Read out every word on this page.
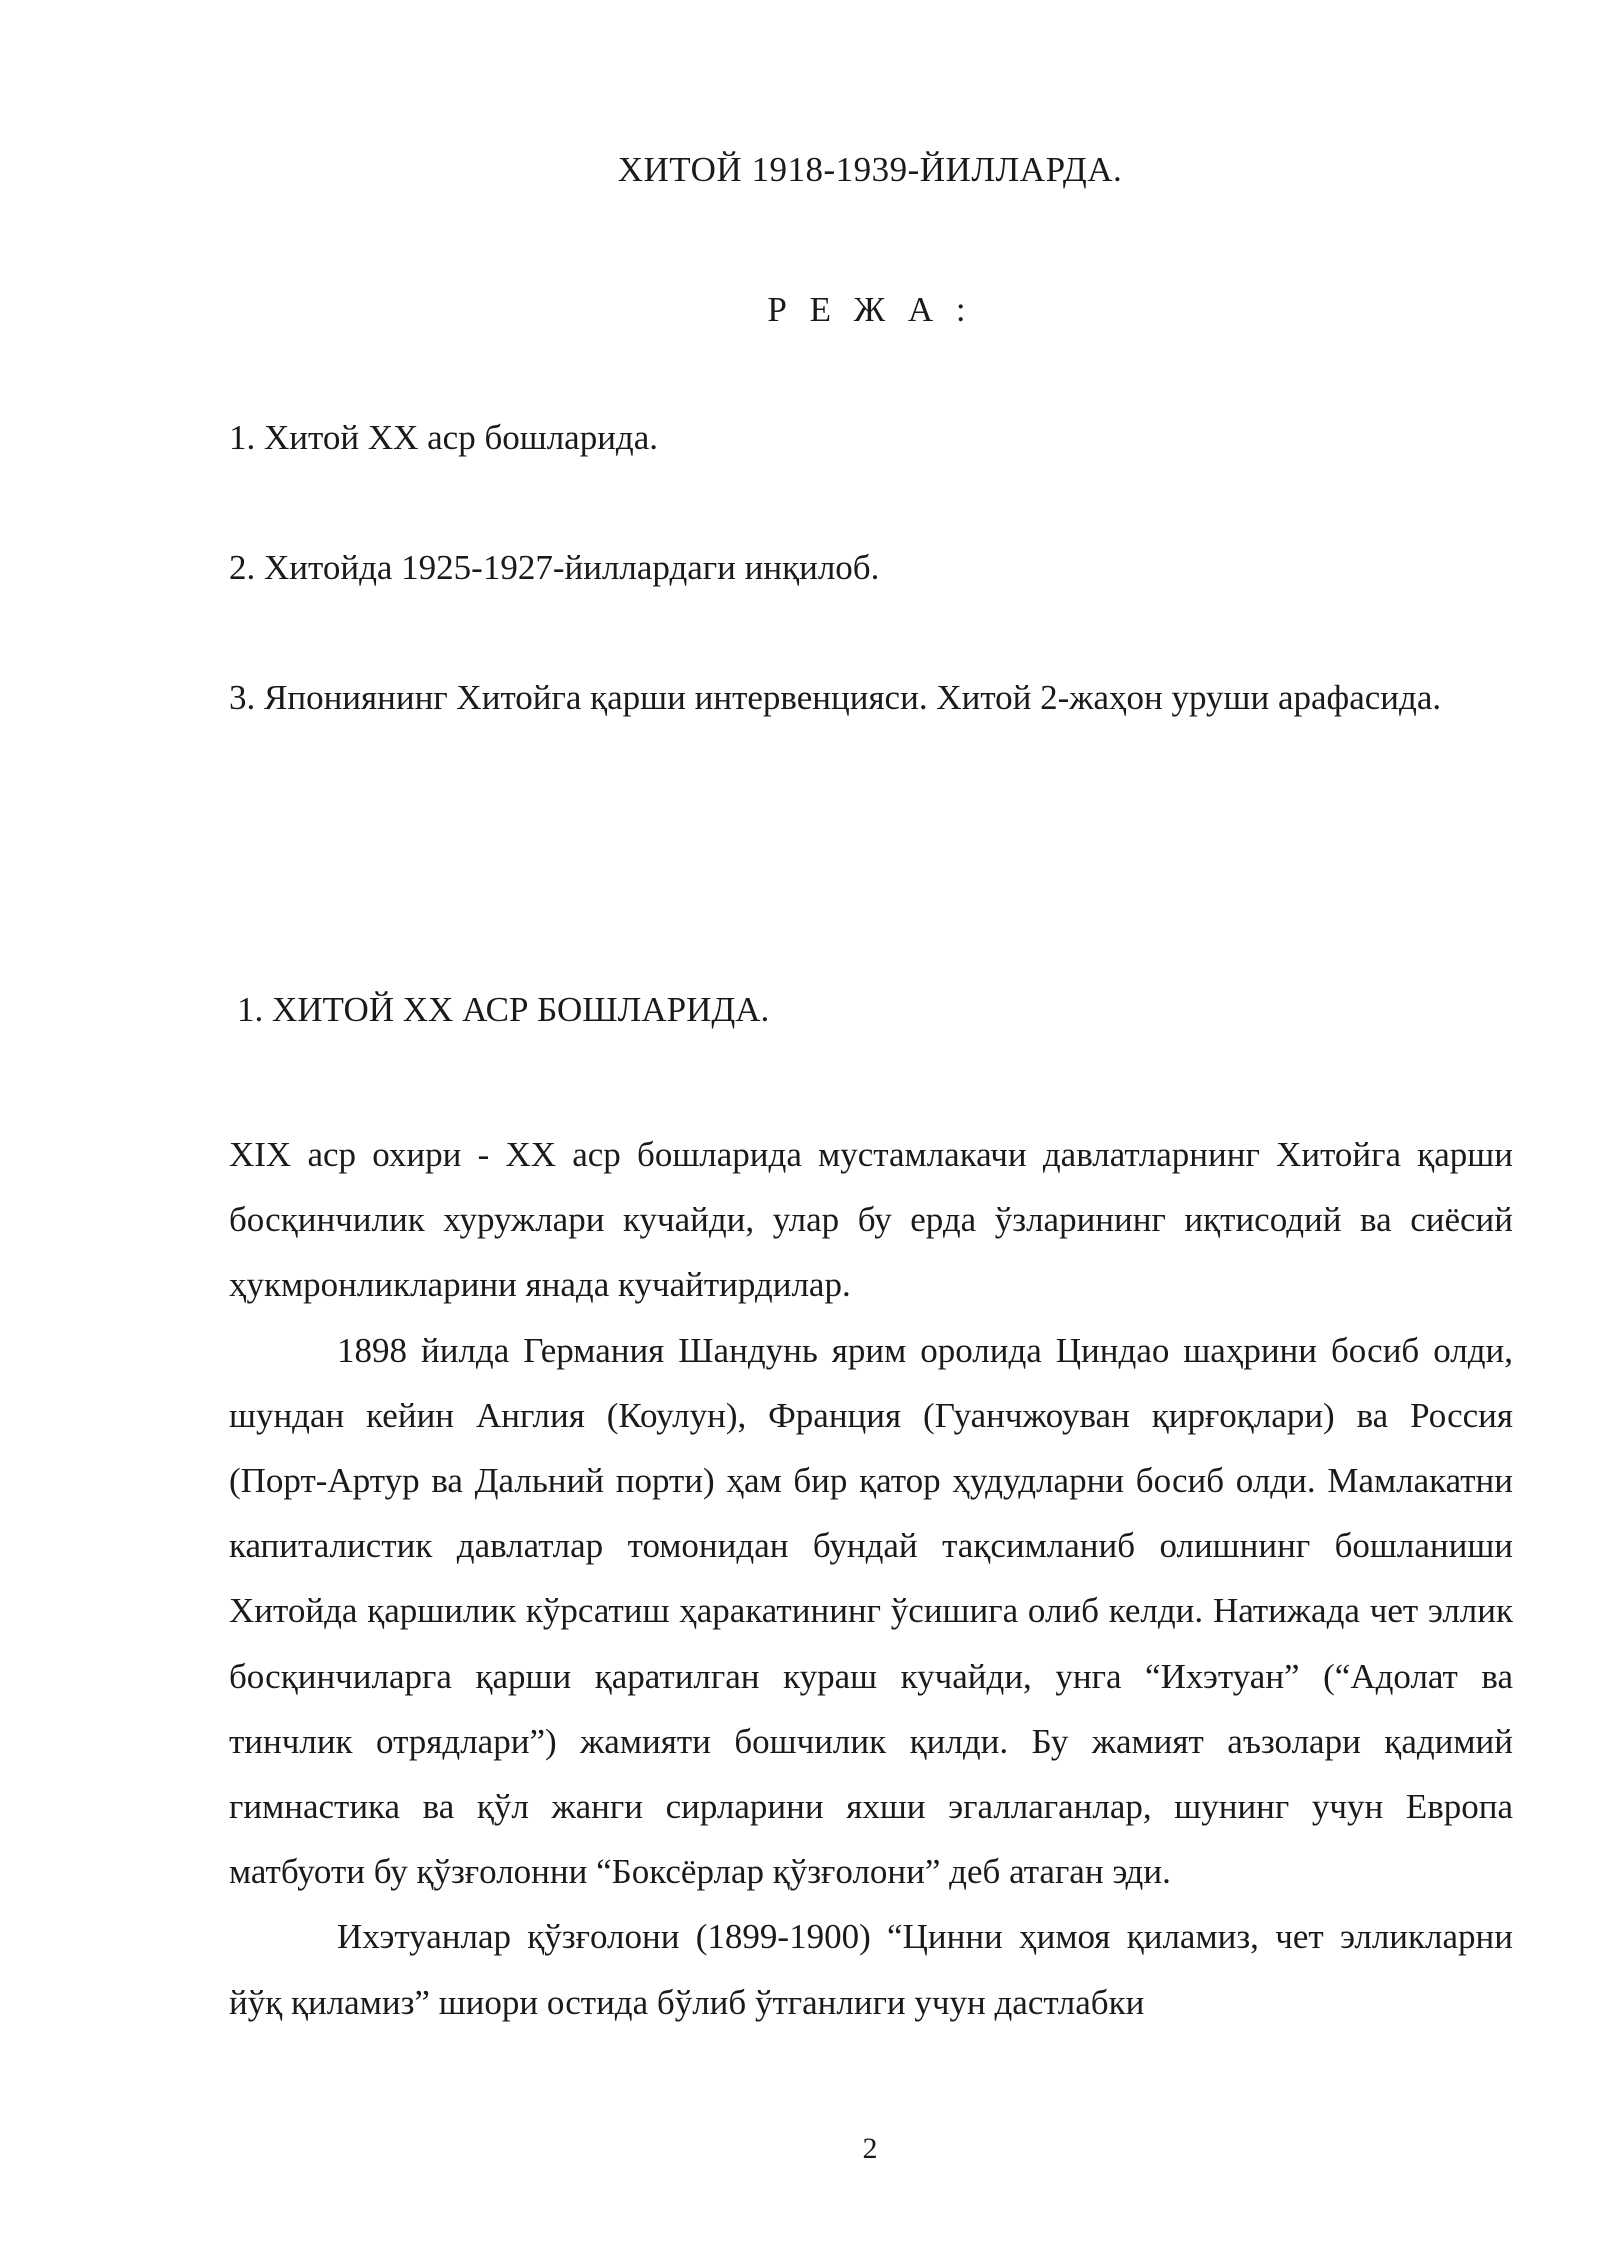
ХИТОЙ 1918-1939-ЙИЛЛАРДА.
Р Е Ж А :
1. Хитой XX аср бошларида.
2. Хитойда 1925-1927-йиллардаги инқилоб.
3. Япониянинг Хитойга қарши интервенцияси. Хитой 2-жаҳон уруши арафасида.
1. ХИТОЙ XX АСР БОШЛАРИДА.

XIX аср охири - XX аср бошларида мустамлакачи давлатларнинг Хитойга қарши босқинчилик хуружлари кучайди, улар бу ерда ўзларининг иқтисодий ва сиёсий ҳукмронликларини янада кучайтирдилар.

1898 йилда Германия Шандунь ярим оролида Циндао шаҳрини босиб олди, шундан кейин Англия (Коулун), Франция (Гуанчжоуван қирғоқлари) ва Россия (Порт-Артур ва Дальний порти) ҳам бир қатор ҳудудларни босиб олди. Мамлакатни капиталистик давлатлар томонидан бундай тақсимланиб олишнинг бошланиши Хитойда қаршилик кўрсатиш ҳаракатининг ўсишига олиб келди. Натижада чет эллик босқинчиларга қарши қаратилган кураш кучайди, унга “Ихэтуан” (“Адолат ва тинчлик отрядлари”) жамияти бошчилик қилди. Бу жамият аъзолари қадимий гимнастика ва қўл жанги сирларини яхши эгаллаганлар, шунинг учун Европа матбуоти бу қўзғолонни “Боксёрлар қўзғолони” деб атаган эди.

Ихэтуанлар қўзғолони (1899-1900) “Цинни ҳимоя қиламиз, чет элликларни йўқ қиламиз” шиори остида бўлиб ўтганлиги учун дастлабки

2
